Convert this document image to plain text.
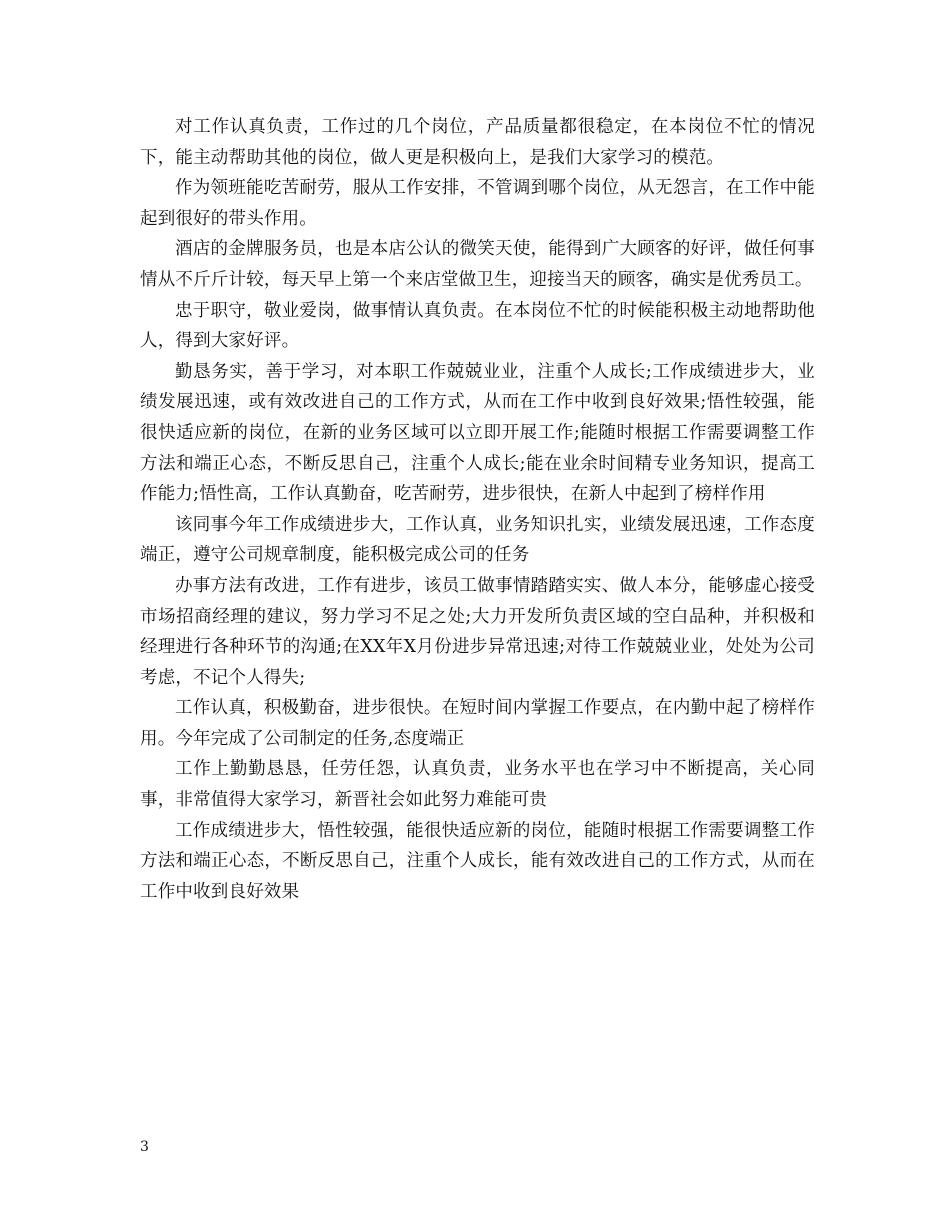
对工作认真负责，工作过的几个岗位，产品质量都很稳定，在本岗位不忙的情况下，能主动帮助其他的岗位，做人更是积极向上，是我们大家学习的模范。

作为领班能吃苦耐劳，服从工作安排，不管调到哪个岗位，从无怨言，在工作中能起到很好的带头作用。

酒店的金牌服务员，也是本店公认的微笑天使，能得到广大顾客的好评，做任何事情从不斤斤计较，每天早上第一个来店堂做卫生，迎接当天的顾客，确实是优秀员工。

忠于职守，敬业爱岗，做事情认真负责。在本岗位不忙的时候能积极主动地帮助他人，得到大家好评。

勤恳务实，善于学习，对本职工作兢兢业业，注重个人成长;工作成绩进步大，业绩发展迅速，或有效改进自己的工作方式，从而在工作中收到良好效果;悟性较强，能很快适应新的岗位，在新的业务区域可以立即开展工作;能随时根据工作需要调整工作方法和端正心态，不断反思自己，注重个人成长;能在业余时间精专业务知识，提高工作能力;悟性高，工作认真勤奋，吃苦耐劳，进步很快，在新人中起到了榜样作用

该同事今年工作成绩进步大，工作认真，业务知识扎实，业绩发展迅速，工作态度端正，遵守公司规章制度，能积极完成公司的任务

办事方法有改进，工作有进步，该员工做事情踏踏实实、做人本分，能够虚心接受市场招商经理的建议，努力学习不足之处;大力开发所负责区域的空白品种，并积极和经理进行各种环节的沟通;在XX年X月份进步异常迅速;对待工作兢兢业业，处处为公司考虑，不记个人得失;

工作认真，积极勤奋，进步很快。在短时间内掌握工作要点，在内勤中起了榜样作用。今年完成了公司制定的任务,态度端正

工作上勤勤恳恳，任劳任怨，认真负责，业务水平也在学习中不断提高，关心同事，非常值得大家学习，新晋社会如此努力难能可贵

工作成绩进步大，悟性较强，能很快适应新的岗位，能随时根据工作需要调整工作方法和端正心态，不断反思自己，注重个人成长，能有效改进自己的工作方式，从而在工作中收到良好效果

3
